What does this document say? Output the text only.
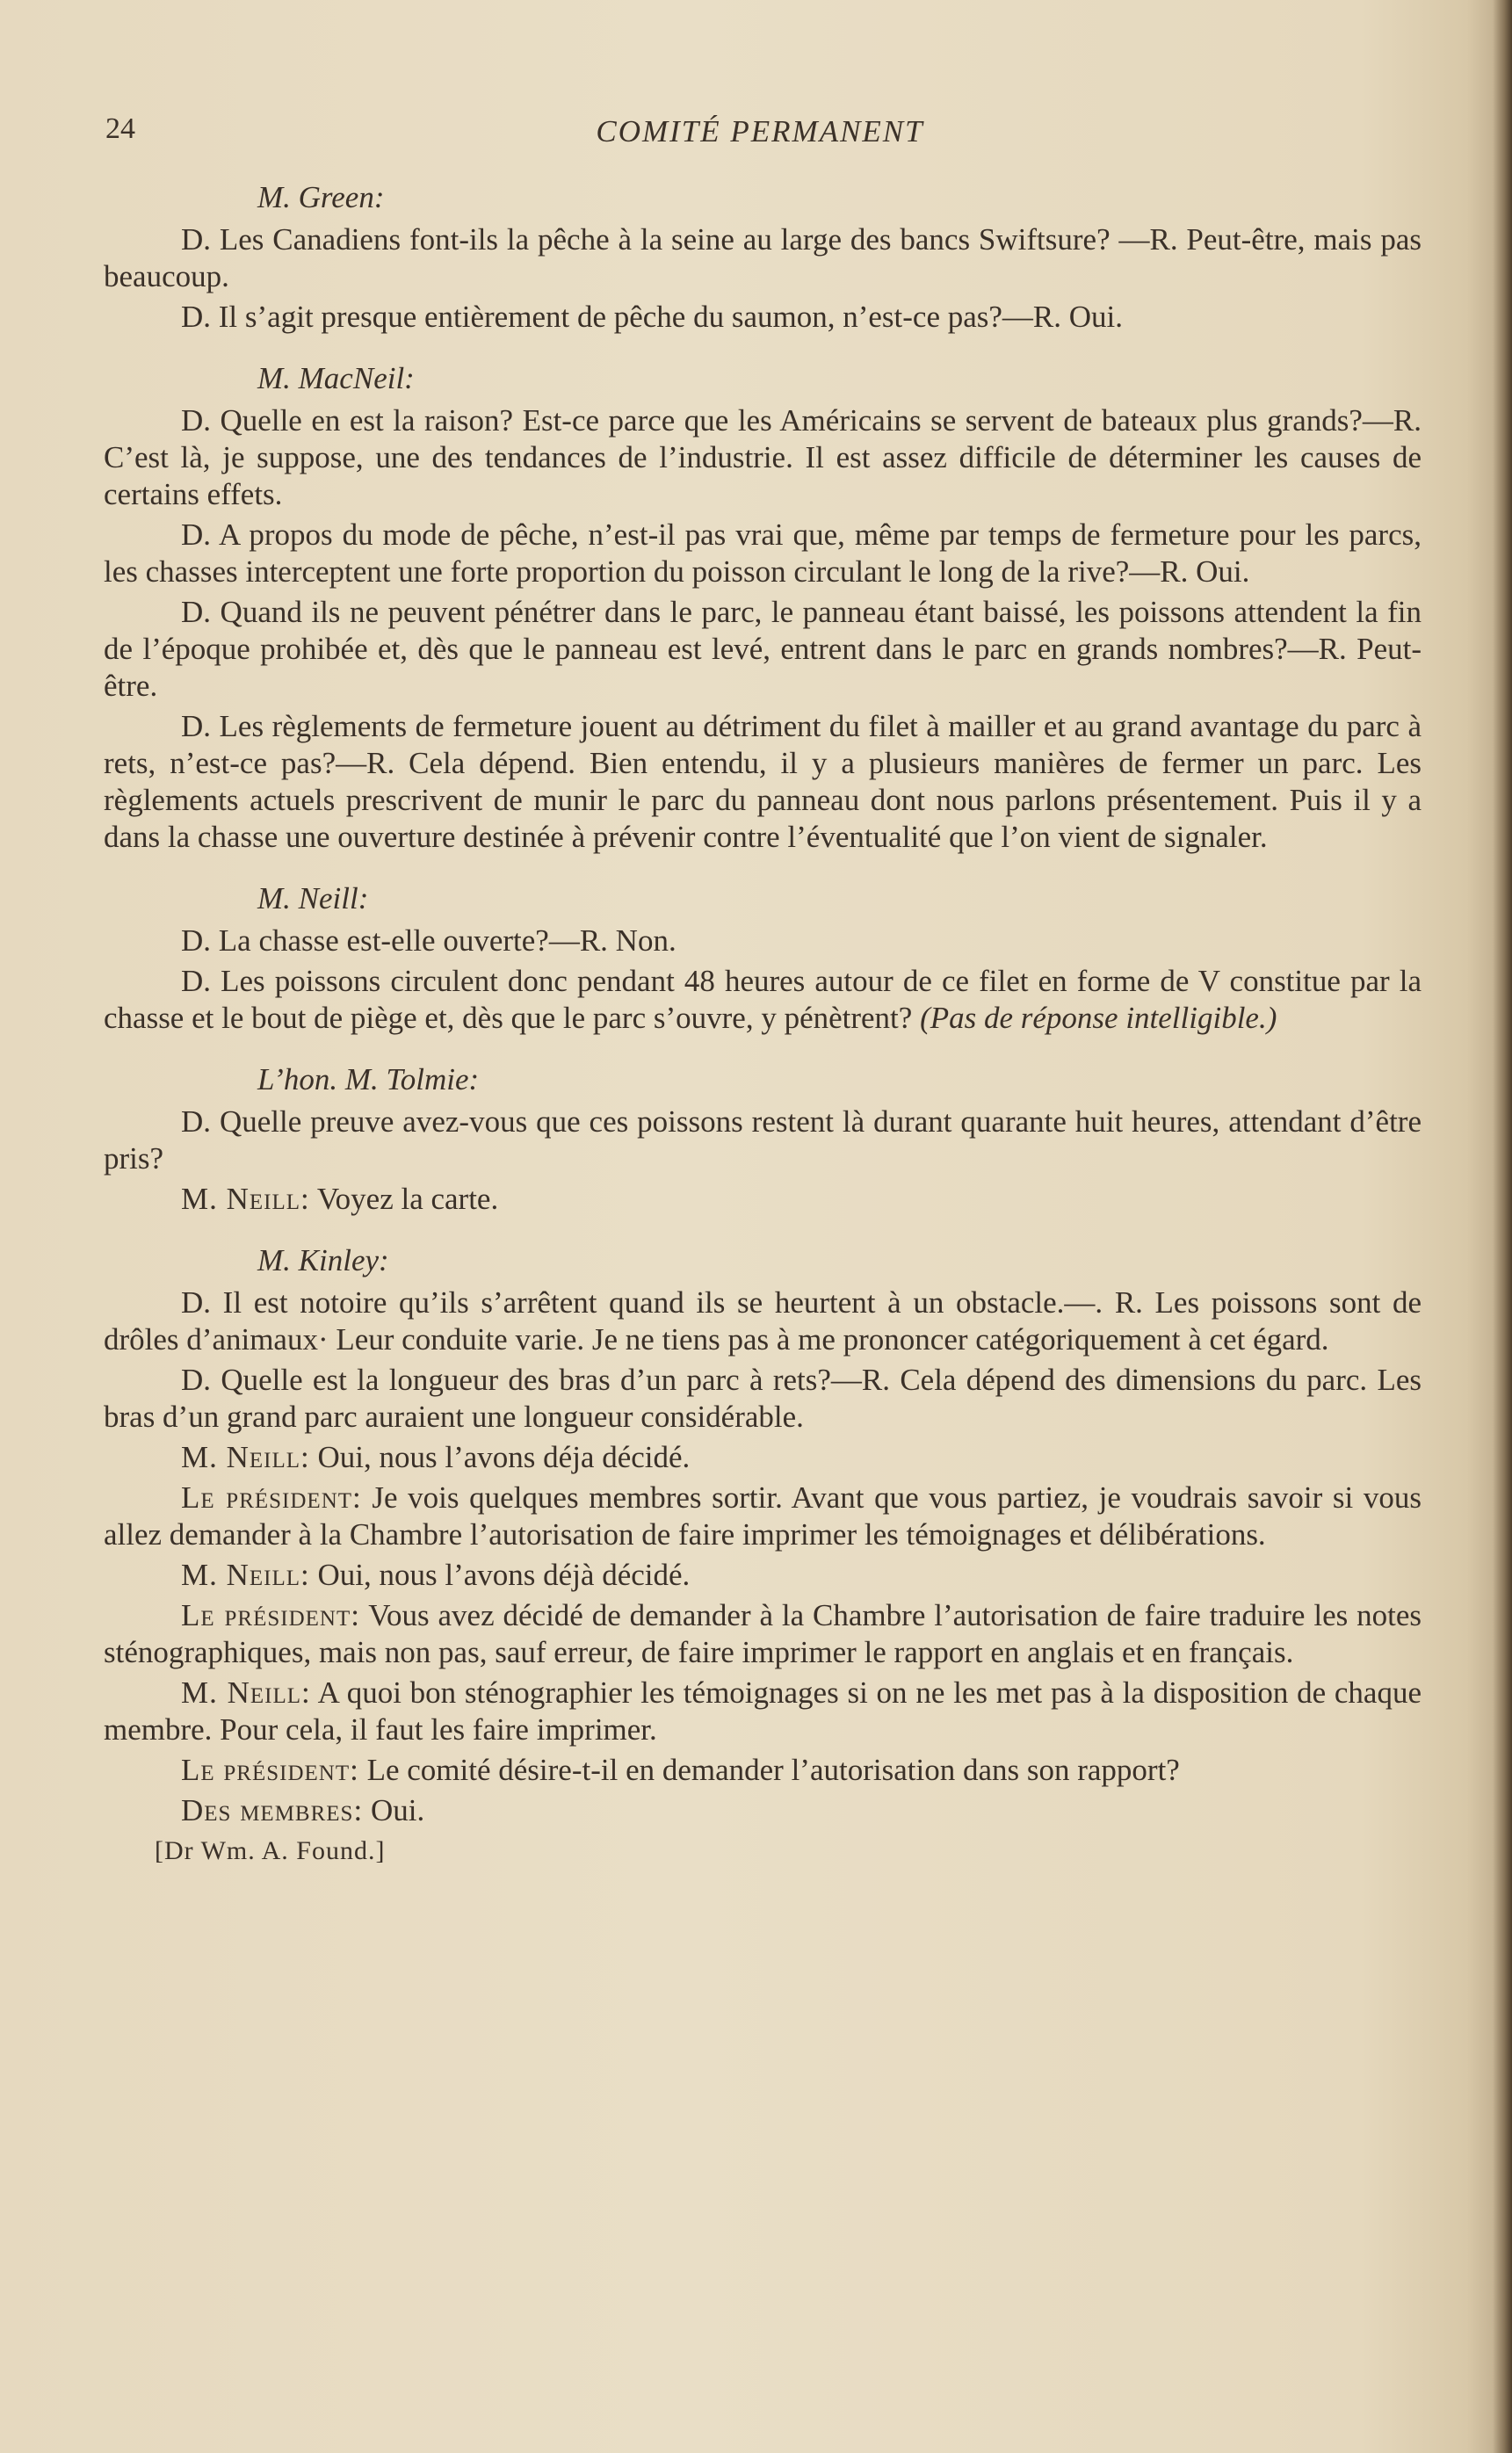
24	COMITÉ PERMANENT
M. Green:

D. Les Canadiens font-ils la pêche à la seine au large des bancs Swiftsure? —R. Peut-être, mais pas beaucoup.

D. Il s’agit presque entièrement de pêche du saumon, n’est-ce pas?—R. Oui.

M. MacNeil:

D. Quelle en est la raison? Est-ce parce que les Américains se servent de bateaux plus grands?—R. C’est là, je suppose, une des tendances de l’industrie. Il est assez difficile de déterminer les causes de certains effets.

D. A propos du mode de pêche, n’est-il pas vrai que, même par temps de fermeture pour les parcs, les chasses interceptent une forte proportion du poisson circulant le long de la rive?—R. Oui.

D. Quand ils ne peuvent pénétrer dans le parc, le panneau étant baissé, les poissons attendent la fin de l’époque prohibée et, dès que le panneau est levé, entrent dans le parc en grands nombres?—R. Peut-être.

D. Les règlements de fermeture jouent au détriment du filet à mailler et au grand avantage du parc à rets, n’est-ce pas?—R. Cela dépend. Bien entendu, il y a plusieurs manières de fermer un parc. Les règlements actuels prescrivent de munir le parc du panneau dont nous parlons présentement. Puis il y a dans la chasse une ouverture destinée à prévenir contre l’éventualité que l’on vient de signaler.

M. Neill:

D. La chasse est-elle ouverte?—R. Non.

D. Les poissons circulent donc pendant 48 heures autour de ce filet en forme de V constitue par la chasse et le bout de piège et, dès que le parc s’ouvre, y pénètrent? (Pas de réponse intelligible.)

L’hon. M. Tolmie:

D. Quelle preuve avez-vous que ces poissons restent là durant quarante huit heures, attendant d’être pris?

M. Neill: Voyez la carte.

M. Kinley:

D. Il est notoire qu’ils s’arrêtent quand ils se heurtent à un obstacle.—. R. Les poissons sont de drôles d’animaux· Leur conduite varie. Je ne tiens pas à me prononcer catégoriquement à cet égard.

D. Quelle est la longueur des bras d’un parc à rets?—R. Cela dépend des dimensions du parc. Les bras d’un grand parc auraient une longueur considérable.

M. Neill: Oui, nous l’avons déja décidé.

Le président: Je vois quelques membres sortir. Avant que vous partiez, je voudrais savoir si vous allez demander à la Chambre l’autorisation de faire imprimer les témoignages et délibérations.

M. Neill: Oui, nous l’avons déjà décidé.

Le président: Vous avez décidé de demander à la Chambre l’autorisation de faire traduire les notes sténographiques, mais non pas, sauf erreur, de faire imprimer le rapport en anglais et en français.

M. Neill: A quoi bon sténographier les témoignages si on ne les met pas à la disposition de chaque membre. Pour cela, il faut les faire imprimer.

Le président: Le comité désire-t-il en demander l’autorisation dans son rapport?

Des membres: Oui.

[Dr Wm. A. Found.]
